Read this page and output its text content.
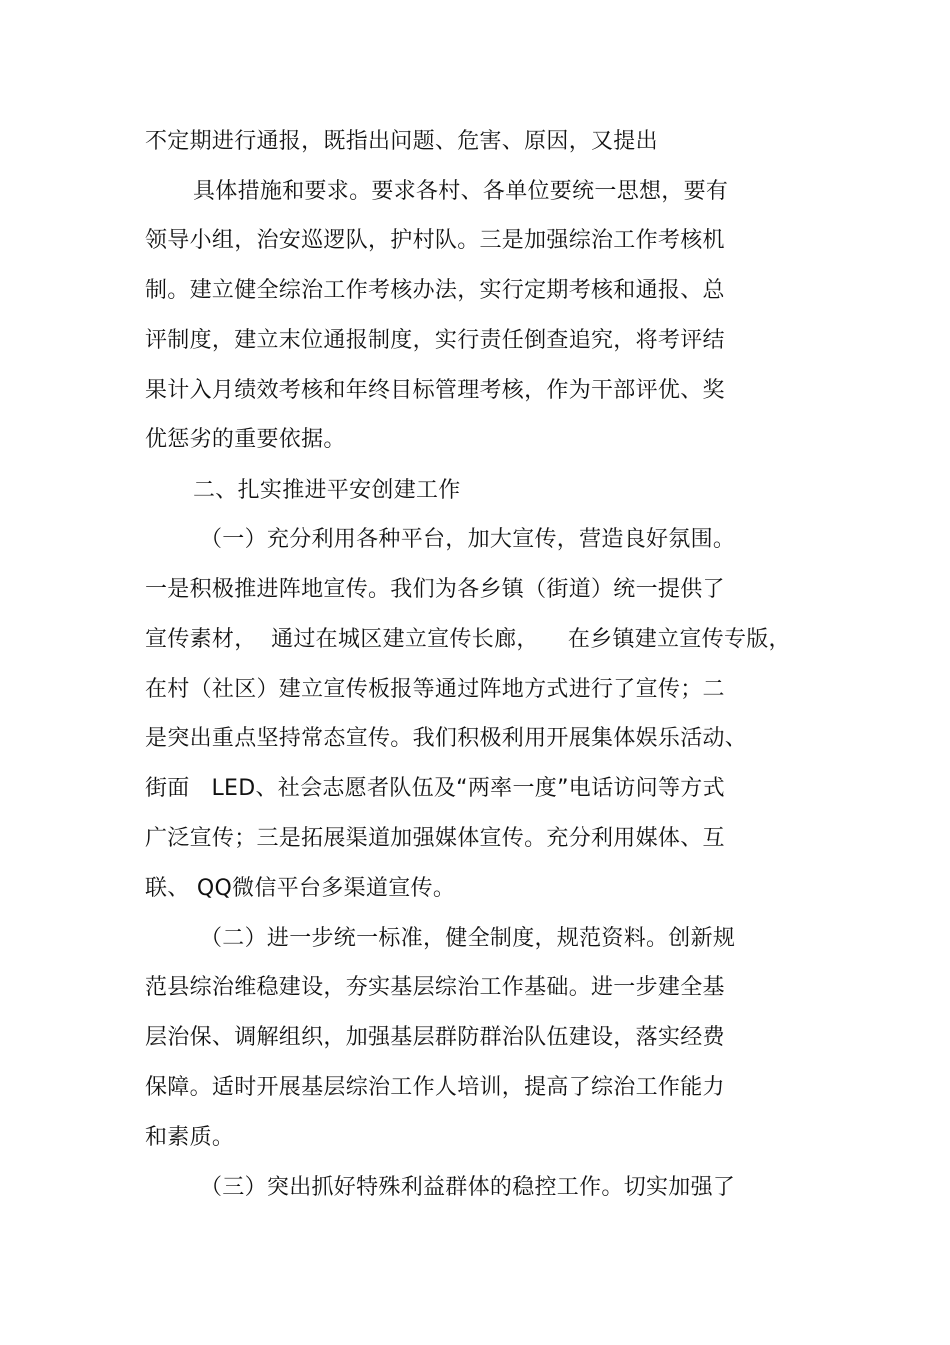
不定期进行通报，既指出问题、危害、原因，又提出
具体措施和要求。要求各村、各单位要统一思想，要有
领导小组，治安巡逻队，护村队。三是加强综治工作考核机
制。建立健全综治工作考核办法，实行定期考核和通报、总
评制度，建立末位通报制度，实行责任倒查追究，将考评结
果计入月绩效考核和年终目标管理考核，作为干部评优、奖
优惩劣的重要依据。
二、扎实推进平安创建工作
（一）充分利用各种平台，加大宣传，营造良好氛围。
一是积极推进阵地宣传。我们为各乡镇（街道）统一提供了
宣传素材，  通过在城区建立宣传长廊，    在乡镇建立宣传专版，
在村（社区）建立宣传板报等通过阵地方式进行了宣传；二
是突出重点坚持常态宣传。我们积极利用开展集体娱乐活动、
街面   LED、社会志愿者队伍及“两率一度”电话访问等方式
广泛宣传；三是拓展渠道加强媒体宣传。充分利用媒体、互
联、 QQ微信平台多渠道宣传。
（二）进一步统一标准，健全制度，规范资料。创新规
范县综治维稳建设，夯实基层综治工作基础。进一步建全基
层治保、调解组织，加强基层群防群治队伍建设，落实经费
保障。适时开展基层综治工作人培训，提高了综治工作能力
和素质。
（三）突出抓好特殊利益群体的稳控工作。切实加强了
